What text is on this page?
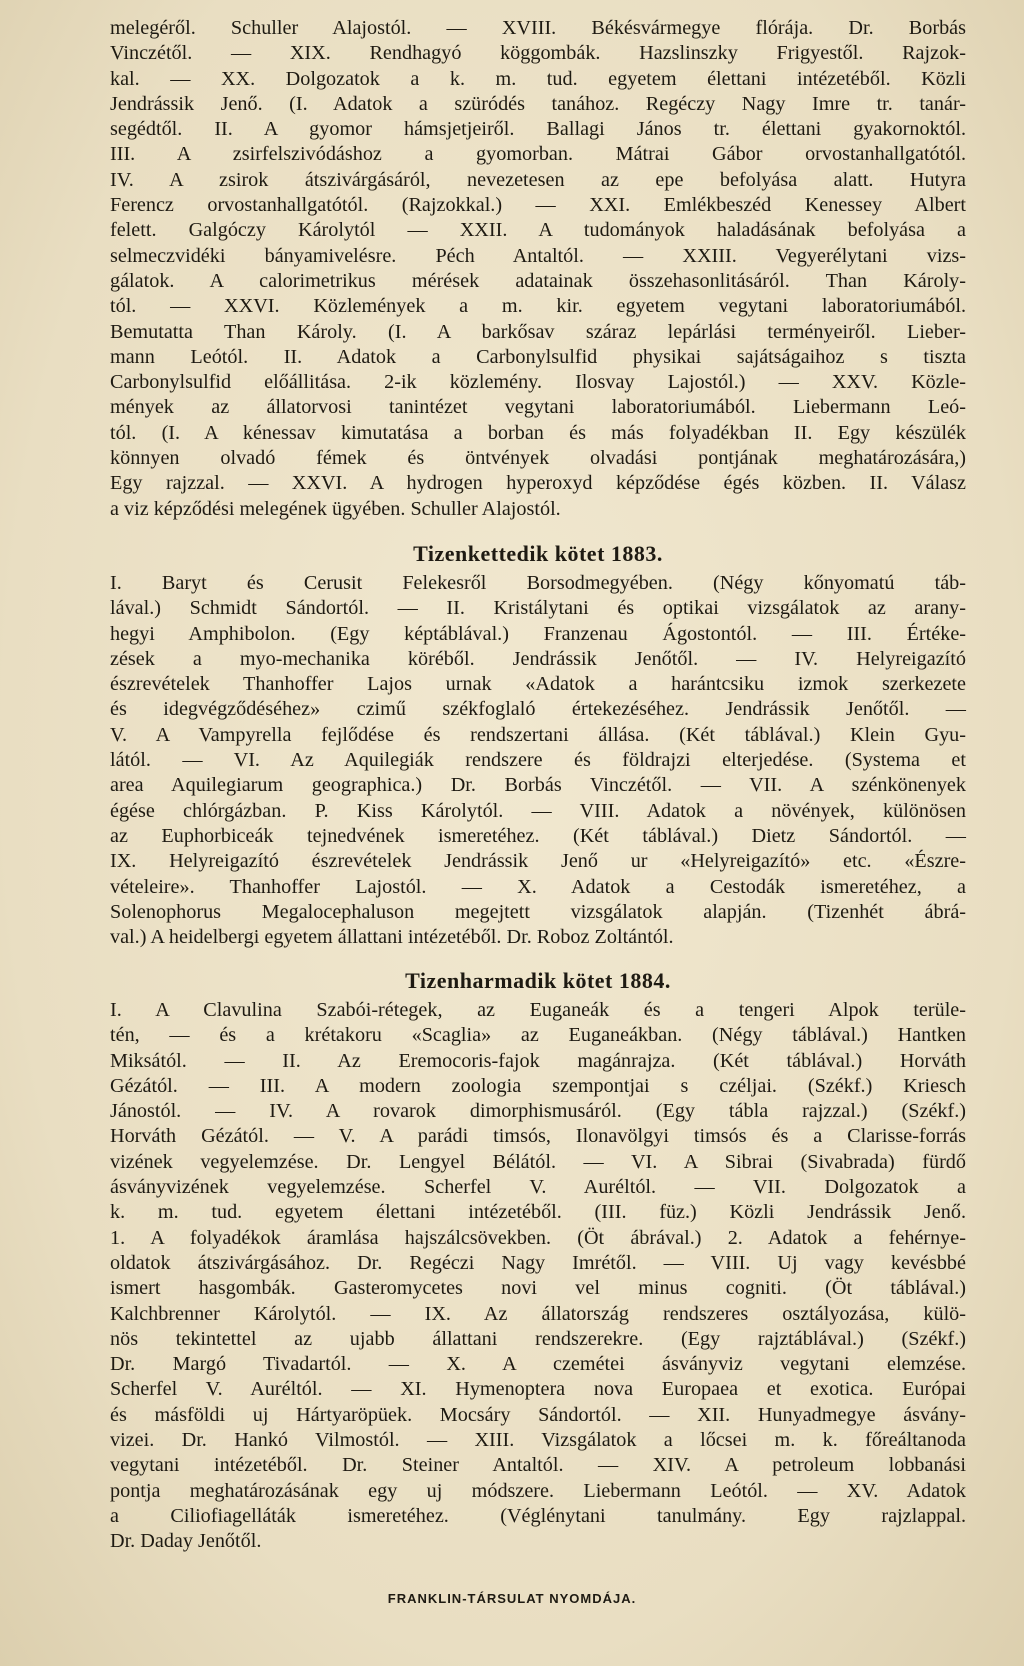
melegéről. Schuller Alajostól. — XVIII. Békésvármegye flórája. Dr. Borbás
Vinczétől. — XIX. Rendhagyó köggombák. Hazslinszky Frigyestől. Rajzok-
kal. — XX. Dolgozatok a k. m. tud. egyetem élettani intézetéből. Közli
Jendrássik Jenő. (I. Adatok a szüródés tanához. Regéczy Nagy Imre tr. tanár-
segédtől. II. A gyomor hámsjetjeiről. Ballagi János tr. élettani gyakornoktól.
III. A zsirfelszivódáshoz a gyomorban. Mátrai Gábor orvostanhallgatótól.
IV. A zsirok átszivárgásáról, nevezetesen az epe befolyása alatt. Hutyra
Ferencz orvostanhallgatótól. (Rajzokkal.) — XXI. Emlékbeszéd Kenessey Albert
felett. Galgóczy Károlytól — XXII. A tudományok haladásának befolyása a
selmeczvidéki bányamivelésre. Péch Antaltól. — XXIII. Vegyerélytani vizs-
gálatok. A calorimetrikus mérések adatainak összehasonlitásáról. Than Károly-
tól. — XXVI. Közlemények a m. kir. egyetem vegytani laboratoriumából.
Bemutatta Than Károly. (I. A barkősav száraz lepárlási terményeiről. Lieber-
mann Leótól. II. Adatok a Carbonylsulfid physikai sajátságaihoz s tiszta
Carbonylsulfid előállitása. 2-ik közlemény. Ilosvay Lajostól.) — XXV. Közle-
mények az állatorvosi tanintézet vegytani laboratoriumából. Liebermann Leó-
tól. (I. A kénessav kimutatása a borban és más folyadékban II. Egy készülék
könnyen olvadó fémek és öntvények olvadási pontjának meghatározására,)
Egy rajzzal. — XXVI. A hydrogen hyperoxyd képződése égés közben. II. Válasz
a viz képződési melegének ügyében. Schuller Alajostól.

Tizenkettedik kötet 1883.

I. Baryt és Cerusit Felekesről Borsodmegyében. (Négy kőnyomatú táb-
lával.) Schmidt Sándortól. — II. Kristálytani és optikai vizsgálatok az arany-
hegyi Amphibolon. (Egy képtáblával.) Franzenau Ágostontól. — III. Értéke-
zések a myo-mechanika köréből. Jendrássik Jenőtől. — IV. Helyreigazító
észrevételek Thanhoffer Lajos urnak «Adatok a harántcsiku izmok szerkezete
és idegvégződéséhez» czimű székfoglaló értekezéséhez. Jendrássik Jenőtől. —
V. A Vampyrella fejlődése és rendszertani állása. (Két táblával.) Klein Gyu-
lától. — VI. Az Aquilegiák rendszere és földrajzi elterjedése. (Systema et
area Aquilegiarum geographica.) Dr. Borbás Vinczétől. — VII. A szénkönenyek
égése chlórgázban. P. Kiss Károlytól. — VIII. Adatok a növények, különösen
az Euphorbiceák tejnedvének ismeretéhez. (Két táblával.) Dietz Sándortól. —
IX. Helyreigazító észrevételek Jendrássik Jenő ur «Helyreigazító» etc. «Észre-
vételeire». Thanhoffer Lajostól. — X. Adatok a Cestodák ismeretéhez, a
Solenophorus Megalocephaluson megejtett vizsgálatok alapján. (Tizenhét ábrá-
val.) A heidelbergi egyetem állattani intézetéből. Dr. Roboz Zoltántól.

Tizenharmadik kötet 1884.

I. A Clavulina Szabói-rétegek, az Euganeák és a tengeri Alpok terüle-
tén, — és a krétakoru «Scaglia» az Euganeákban. (Négy táblával.) Hantken
Miksától. — II. Az Eremocoris-fajok magánrajza. (Két táblával.) Horváth
Gézától. — III. A modern zoologia szempontjai s czéljai. (Székf.) Kriesch
Jánostól. — IV. A rovarok dimorphismusáról. (Egy tábla rajzzal.) (Székf.)
Horváth Gézától. — V. A parádi timsós, Ilonavölgyi timsós és a Clarisse-forrás
vizének vegyelemzése. Dr. Lengyel Bélától. — VI. A Sibrai (Sivabrada) fürdő
ásványvizének vegyelemzése. Scherfel V. Auréltól. — VII. Dolgozatok a
k. m. tud. egyetem élettani intézetéből. (III. füz.) Közli Jendrássik Jenő.
1. A folyadékok áramlása hajszálcsövekben. (Öt ábrával.) 2. Adatok a fehérnye-
oldatok átszivárgásához. Dr. Regéczi Nagy Imrétől. — VIII. Uj vagy kevésbbé
ismert hasgombák. Gasteromycetes novi vel minus cogniti. (Öt táblával.)
Kalchbrenner Károlytól. — IX. Az állatország rendszeres osztályozása, külö-
nös tekintettel az ujabb állattani rendszerekre. (Egy rajztáblával.) (Székf.)
Dr. Margó Tivadartól. — X. A czemétei ásványviz vegytani elemzése.
Scherfel V. Auréltól. — XI. Hymenoptera nova Europaea et exotica. Európai
és másföldi uj Hártyaröpüek. Mocsáry Sándortól. — XII. Hunyadmegye ásvány-
vizei. Dr. Hankó Vilmostól. — XIII. Vizsgálatok a lőcsei m. k. főreáltanoda
vegytani intézetéből. Dr. Steiner Antaltól. — XIV. A petroleum lobbanási
pontja meghatározásának egy uj módszere. Liebermann Leótól. — XV. Adatok
a Ciliofiagelláták ismeretéhez. (Véglénytani tanulmány. Egy rajzlappal.
Dr. Daday Jenőtől.

FRANKLIN-TÁRSULAT NYOMDÁJA.
